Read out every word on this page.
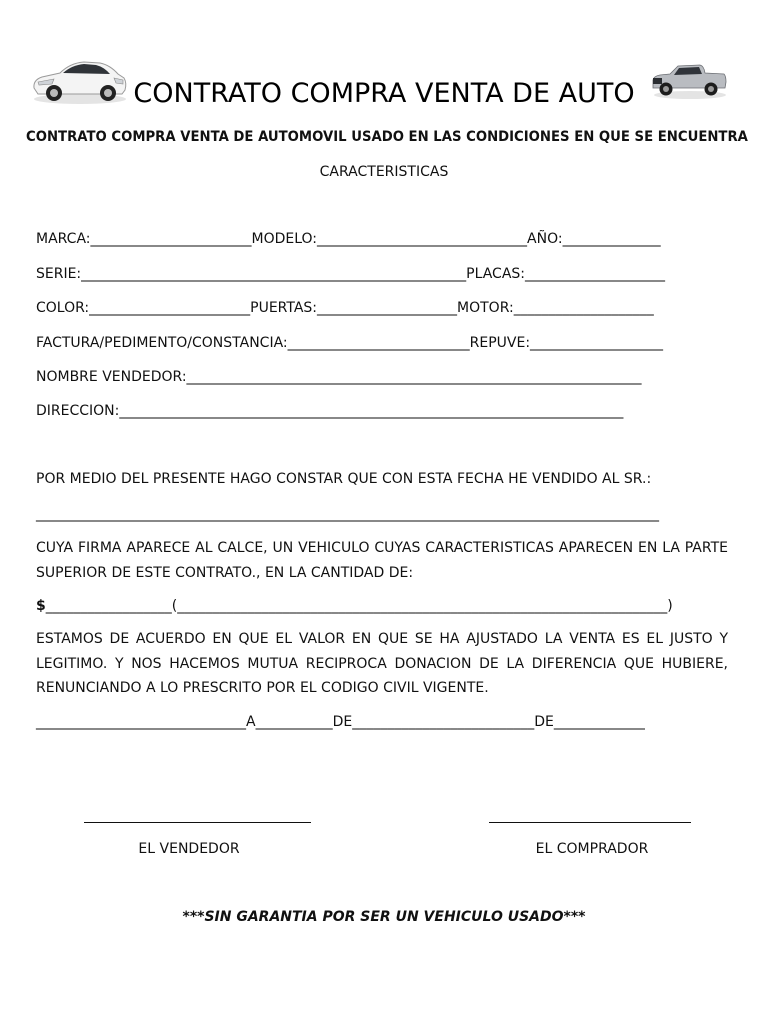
CONTRATO COMPRA VENTA DE AUTO
CONTRATO COMPRA VENTA DE AUTOMOVIL USADO EN LAS CONDICIONES EN QUE SE ENCUENTRA
CARACTERISTICAS
MARCA:_______________________MODELO:______________________________AÑO:______________
SERIE:_______________________________________________________PLACAS:____________________
COLOR:_______________________PUERTAS:____________________MOTOR:____________________
FACTURA/PEDIMENTO/CONSTANCIA:__________________________REPUVE:___________________
NOMBRE VENDEDOR:_________________________________________________________________
DIRECCION:________________________________________________________________________
POR MEDIO DEL PRESENTE HAGO CONSTAR QUE CON ESTA FECHA HE VENDIDO AL SR.:
_________________________________________________________________________________________
CUYA FIRMA APARECE AL CALCE, UN VEHICULO CUYAS CARACTERISTICAS APARECEN EN LA PARTE SUPERIOR DE ESTE CONTRATO., EN LA CANTIDAD DE:
$__________________(______________________________________________________________________)
ESTAMOS DE ACUERDO EN QUE EL VALOR EN QUE SE HA AJUSTADO LA VENTA ES EL JUSTO Y LEGITIMO. Y NOS HACEMOS MUTUA RECIPROCA DONACION DE LA DIFERENCIA QUE HUBIERE, RENUNCIANDO A LO PRESCRITO POR EL CODIGO CIVIL VIGENTE.
______________________________A___________DE__________________________DE_____________
EL VENDEDOR	EL COMPRADOR
***SIN GARANTIA POR SER UN VEHICULO USADO***
